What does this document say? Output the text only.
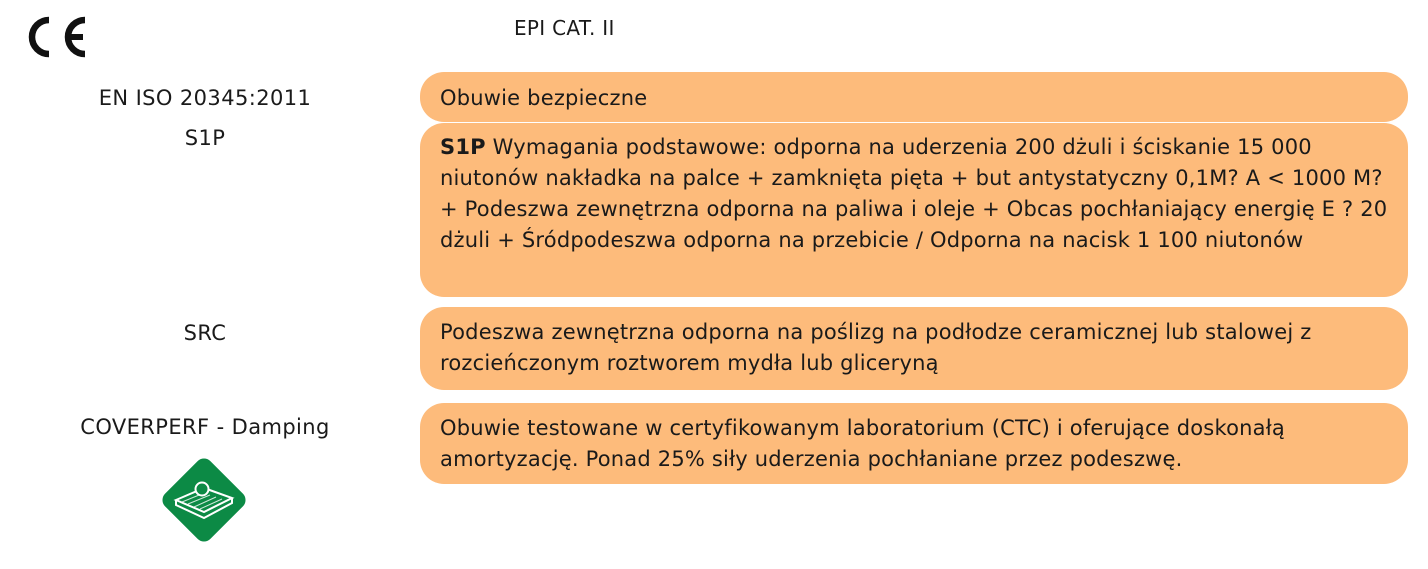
EPI CAT. II
EN ISO 20345:2011
S1P
SRC
COVERPERF - Damping
Obuwie bezpieczne
S1P Wymagania podstawowe: odporna na uderzenia 200 dżuli i ściskanie 15 000 niutonów nakładka na palce + zamknięta pięta + but antystatyczny 0,1M? A < 1000 M? + Podeszwa zewnętrzna odporna na paliwa i oleje + Obcas pochłaniający energię E ? 20 dżuli + Śródpodeszwa odporna na przebicie / Odporna na nacisk 1 100 niutonów
Podeszwa zewnętrzna odporna na poślizg na podłodze ceramicznej lub stalowej z rozcieńczonym roztworem mydła lub gliceryną
Obuwie testowane w certyfikowanym laboratorium (CTC) i oferujące doskonałą amortyzację. Ponad 25% siły uderzenia pochłaniane przez podeszwę.
